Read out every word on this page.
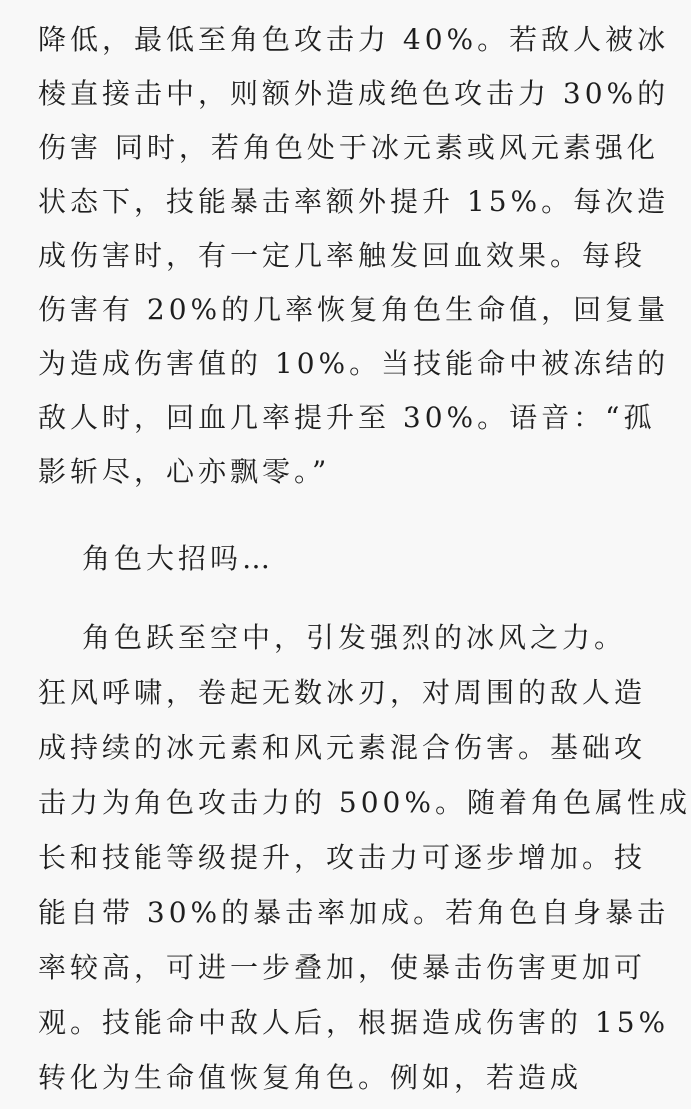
降低，最低至角色攻击力 40%。若敌人被冰
棱直接击中，则额外造成绝色攻击力 30%的
伤害 同时，若角色处于冰元素或风元素强化
状态下，技能暴击率额外提升 15%。每次造
成伤害时，有一定几率触发回血效果。每段
伤害有 20%的几率恢复角色生命值，回复量
为造成伤害值的 10%。当技能命中被冻结的
敌人时，回血几率提升至 30%。语音：“孤
影斩尽，心亦飘零。”
角色大招吗…
角色跃至空中，引发强烈的冰风之力。
狂风呼啸，卷起无数冰刃，对周围的敌人造
成持续的冰元素和风元素混合伤害。基础攻
击力为角色攻击力的 500%。随着角色属性成
长和技能等级提升，攻击力可逐步增加。技
能自带 30%的暴击率加成。若角色自身暴击
率较高，可进一步叠加，使暴击伤害更加可
观。技能命中敌人后，根据造成伤害的 15%
转化为生命值恢复角色。例如，若造成
